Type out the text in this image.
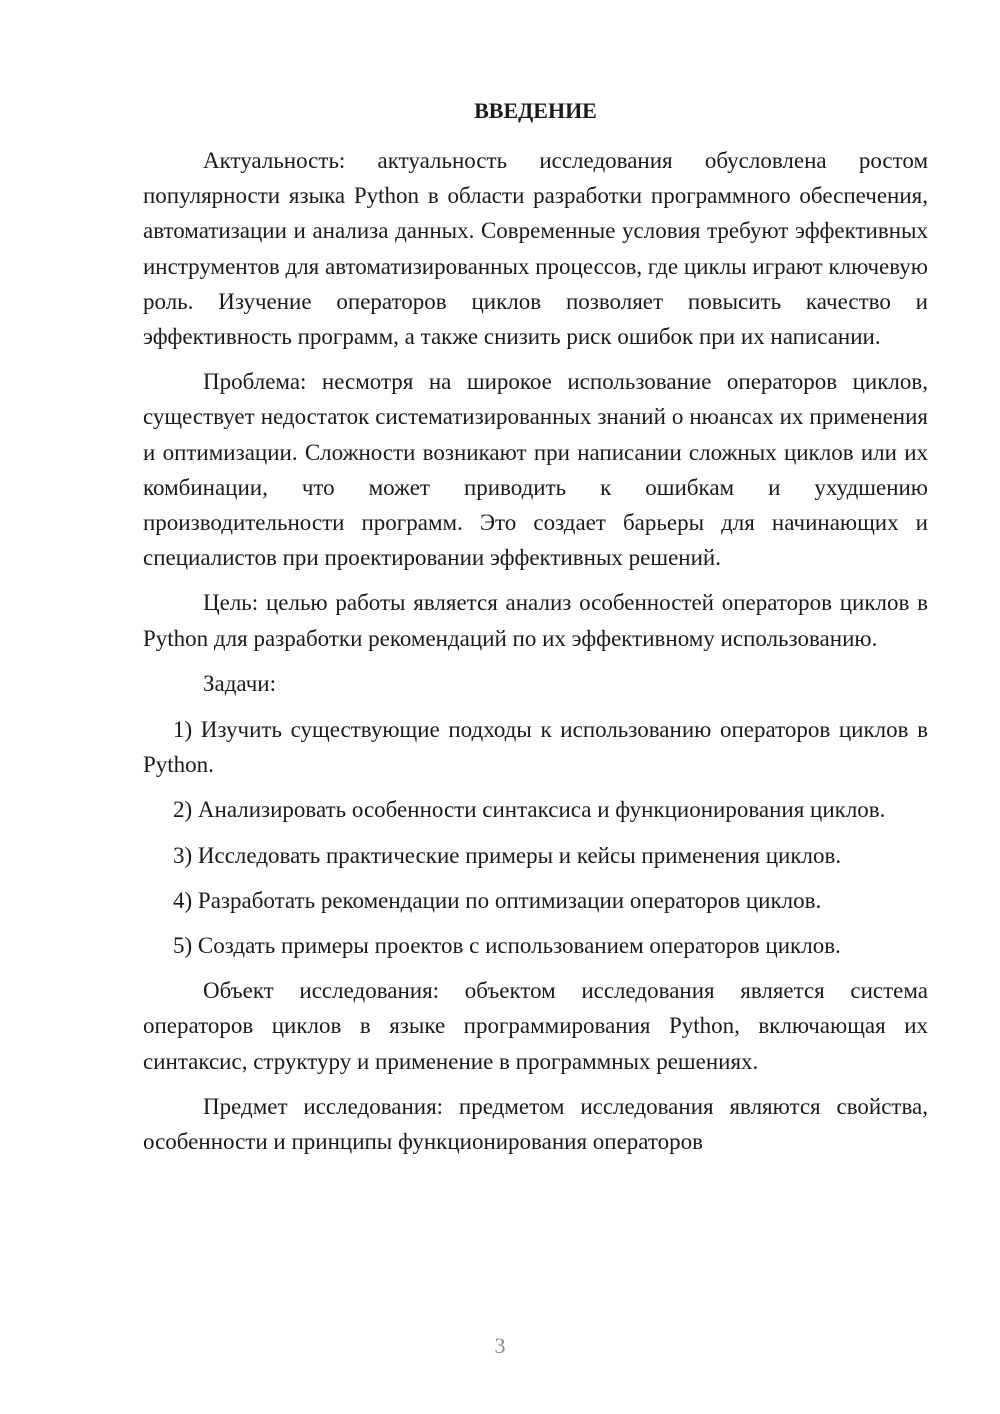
ВВЕДЕНИЕ

Актуальность: актуальность исследования обусловлена ростом популярности языка Python в области разработки программного обеспечения, автоматизации и анализа данных. Современные условия требуют эффективных инструментов для автоматизированных процессов, где циклы играют ключевую роль. Изучение операторов циклов позволяет повысить качество и эффективность программ, а также снизить риск ошибок при их написании.

Проблема: несмотря на широкое использование операторов циклов, существует недостаток систематизированных знаний о нюансах их применения и оптимизации. Сложности возникают при написании сложных циклов или их комбинации, что может приводить к ошибкам и ухудшению производительности программ. Это создает барьеры для начинающих и специалистов при проектировании эффективных решений.

Цель: целью работы является анализ особенностей операторов циклов в Python для разработки рекомендаций по их эффективному использованию.

Задачи:

1) Изучить существующие подходы к использованию операторов циклов в Python.

2) Анализировать особенности синтаксиса и функционирования циклов.

3) Исследовать практические примеры и кейсы применения циклов.

4) Разработать рекомендации по оптимизации операторов циклов.

5) Создать примеры проектов с использованием операторов циклов.

Объект исследования: объектом исследования является система операторов циклов в языке программирования Python, включающая их синтаксис, структуру и применение в программных решениях.

Предмет исследования: предметом исследования являются свойства, особенности и принципы функционирования операторов

3
